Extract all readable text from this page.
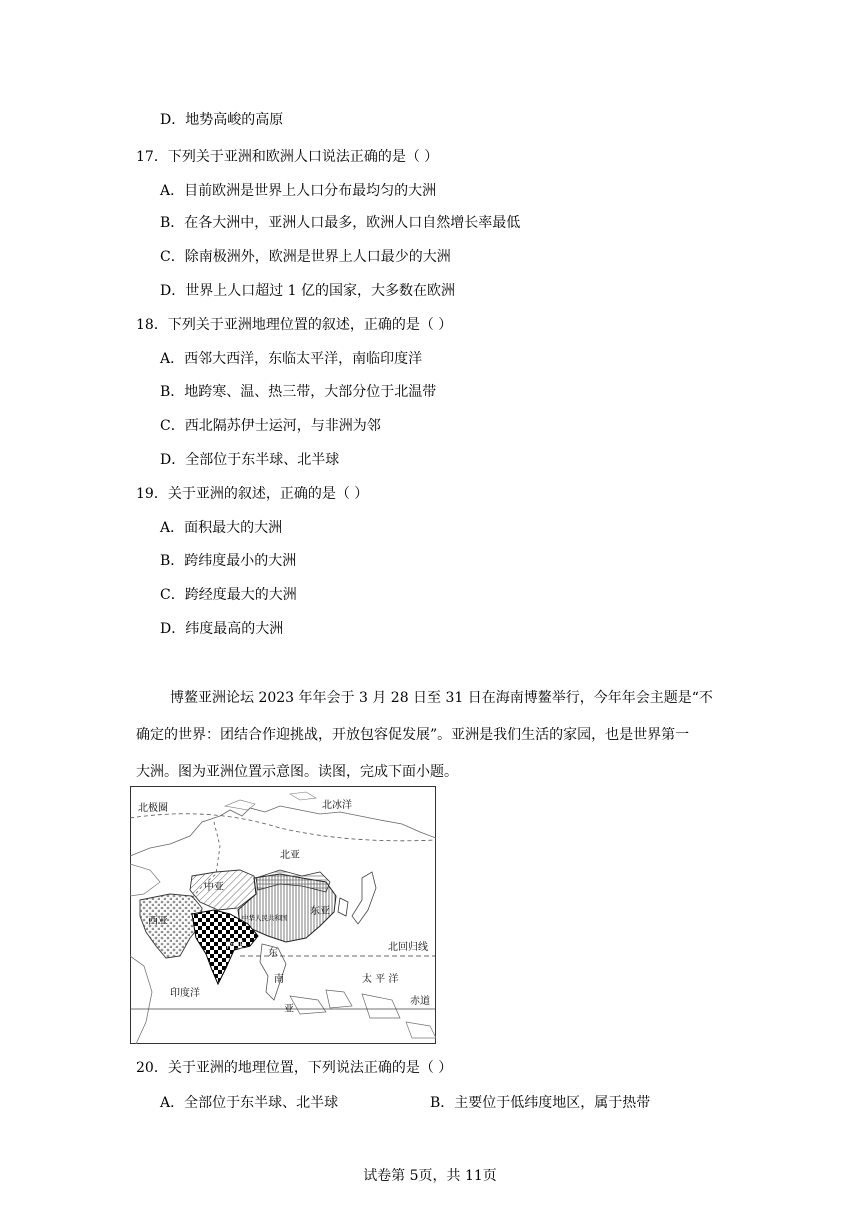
D．地势高峻的高原
17．下列关于亚洲和欧洲人口说法正确的是（ ）
A．目前欧洲是世界上人口分布最均匀的大洲
B．在各大洲中，亚洲人口最多，欧洲人口自然增长率最低
C．除南极洲外，欧洲是世界上人口最少的大洲
D．世界上人口超过 1 亿的国家，大多数在欧洲
18．下列关于亚洲地理位置的叙述，正确的是（ ）
A．西邻大西洋，东临太平洋，南临印度洋
B．地跨寒、温、热三带，大部分位于北温带
C．西北隔苏伊士运河，与非洲为邻
D．全部位于东半球、北半球
19．关于亚洲的叙述，正确的是（ ）
A．面积最大的大洲
B．跨纬度最小的大洲
C．跨经度最大的大洲
D．纬度最高的大洲
博鳌亚洲论坛 2023 年年会于 3 月 28 日至 31 日在海南博鳌举行，今年年会主题是“不
确定的世界：团结合作迎挑战，开放包容促发展”。亚洲是我们生活的家园，也是世界第一
大洲。图为亚洲位置示意图。读图，完成下面小题。
北极圈	北冰洋
北亚
中亚
西亚
东亚
中华人民共和国
南亚
东
南
亚
北回归线
太 平 洋
印度洋
赤道
20．关于亚洲的地理位置，下列说法正确的是（ ）
A．全部位于东半球、北半球	B．主要位于低纬度地区，属于热带
试卷第 5页，共 11页
